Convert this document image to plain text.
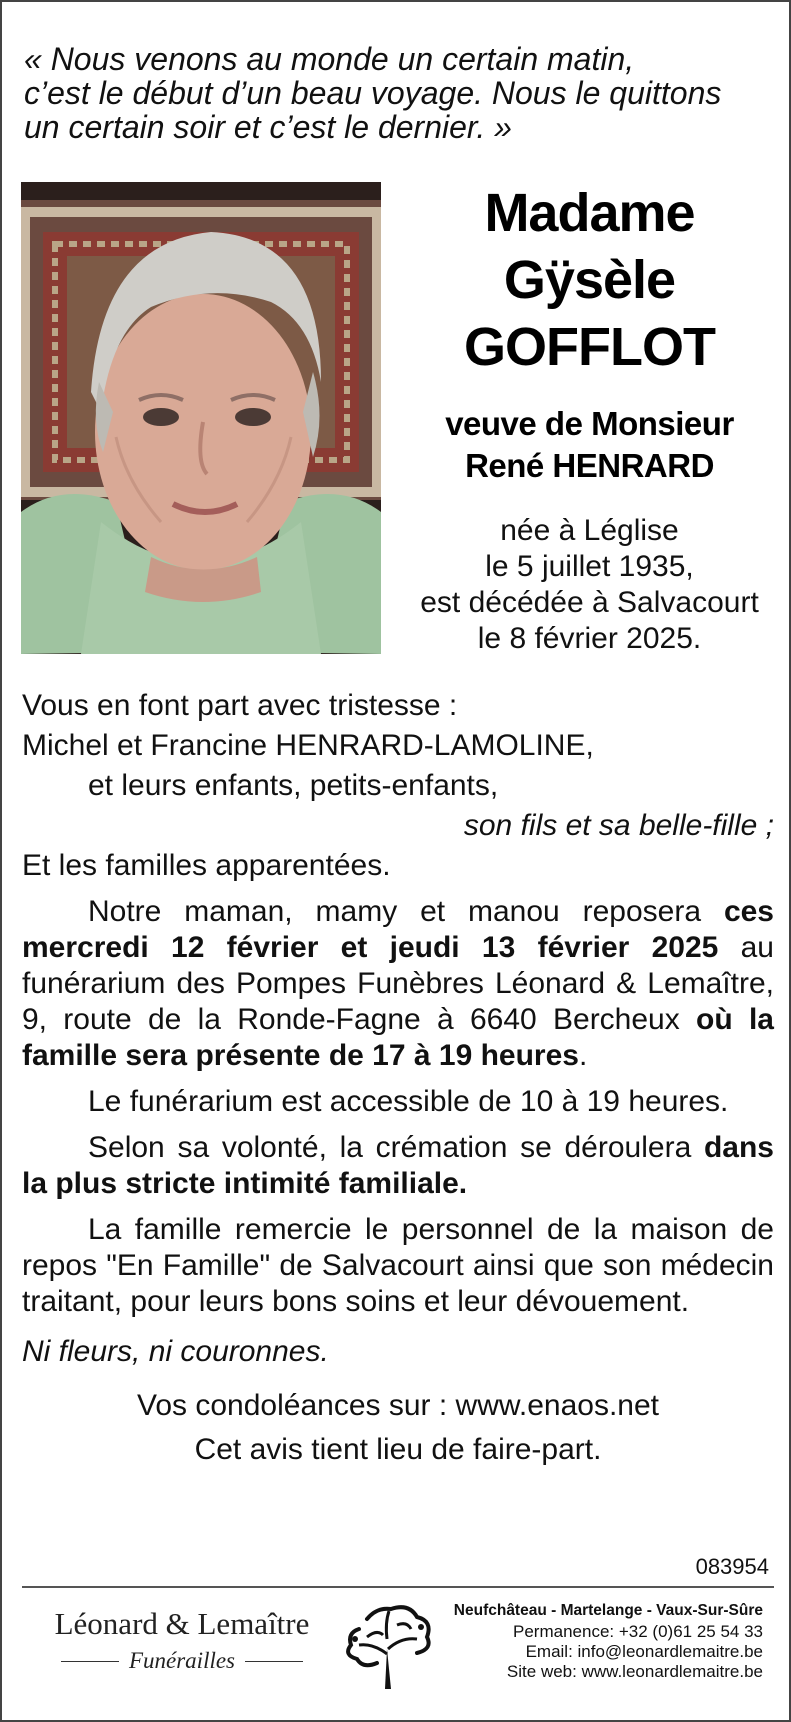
« Nous venons au monde un certain matin,
c’est le début d’un beau voyage. Nous le quittons
un certain soir et c’est le dernier. »
Madame
Gÿsèle
GOFFLOT
veuve de Monsieur
René HENRARD
née à Léglise
le 5 juillet 1935,
est décédée à Salvacourt
le 8 février 2025.

Vous en font part avec tristesse :

Michel et Francine HENRARD-LAMOLINE,

et leurs enfants, petits-enfants,

son fils et sa belle-fille ;

Et les familles apparentées.

Notre maman, mamy et manou reposera ces mercredi 12 février et jeudi 13 février 2025 au funérarium des Pompes Funèbres Léonard & Lemaître, 9, route de la Ronde-Fagne à 6640 Bercheux où la famille sera présente de 17 à 19 heures.

Le funérarium est accessible de 10 à 19 heures.

Selon sa volonté, la crémation se déroulera dans la plus stricte intimité familiale.

La famille remercie le personnel de la maison de repos "En Famille" de Salvacourt ainsi que son médecin traitant, pour leurs bons soins et leur dévouement.

Ni fleurs, ni couronnes.

Vos condoléances sur : www.enaos.net
Cet avis tient lieu de faire-part.
083954
Léonard & Lemaître
Funérailles
Neufchâteau - Martelange - Vaux-Sur-Sûre
Permanence: +32 (0)61 25 54 33
Email: info@leonardlemaitre.be
Site web: www.leonardlemaitre.be
